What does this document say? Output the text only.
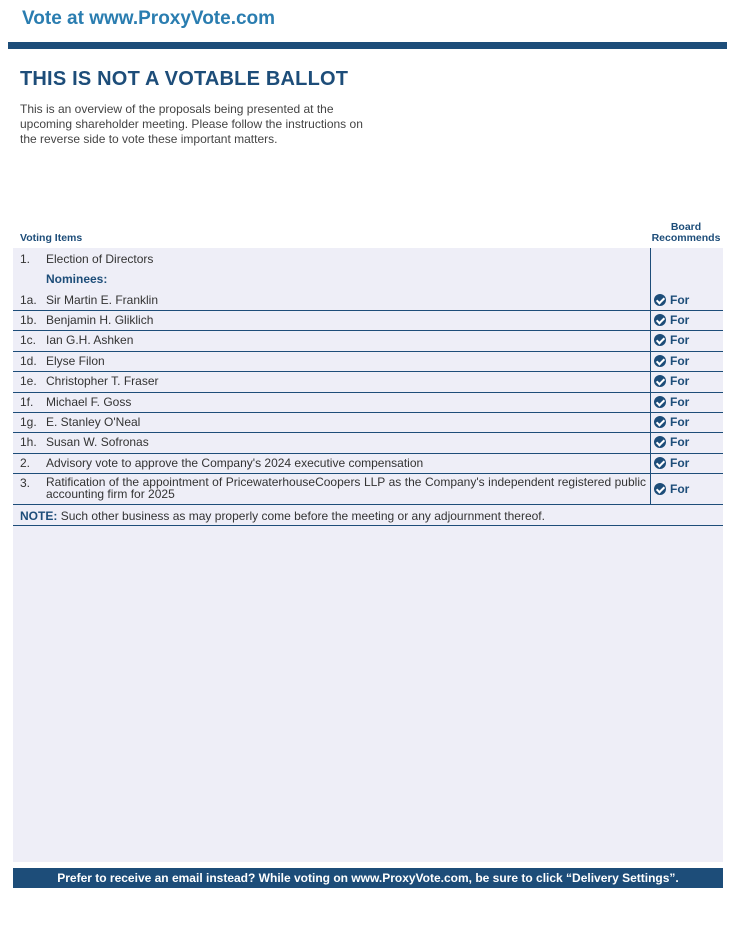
Vote at www.ProxyVote.com
THIS IS NOT A VOTABLE BALLOT
This is an overview of the proposals being presented at the
upcoming shareholder meeting. Please follow the instructions on
the reverse side to vote these important matters.
Voting Items
Board
Recommends
1. Election of Directors
Nominees:
1a. Sir Martin E. Franklin	For
1b. Benjamin H. Gliklich	For
1c. Ian G.H. Ashken	For
1d. Elyse Filon	For
1e. Christopher T. Fraser	For
1f. Michael F. Goss	For
1g. E. Stanley O'Neal	For
1h. Susan W. Sofronas	For
2. Advisory vote to approve the Company's 2024 executive compensation	For
3. Ratification of the appointment of PricewaterhouseCoopers LLP as the Company's independent registered public accounting firm for 2025	For
NOTE: Such other business as may properly come before the meeting or any adjournment thereof.
Prefer to receive an email instead? While voting on www.ProxyVote.com, be sure to click “Delivery Settings”.
